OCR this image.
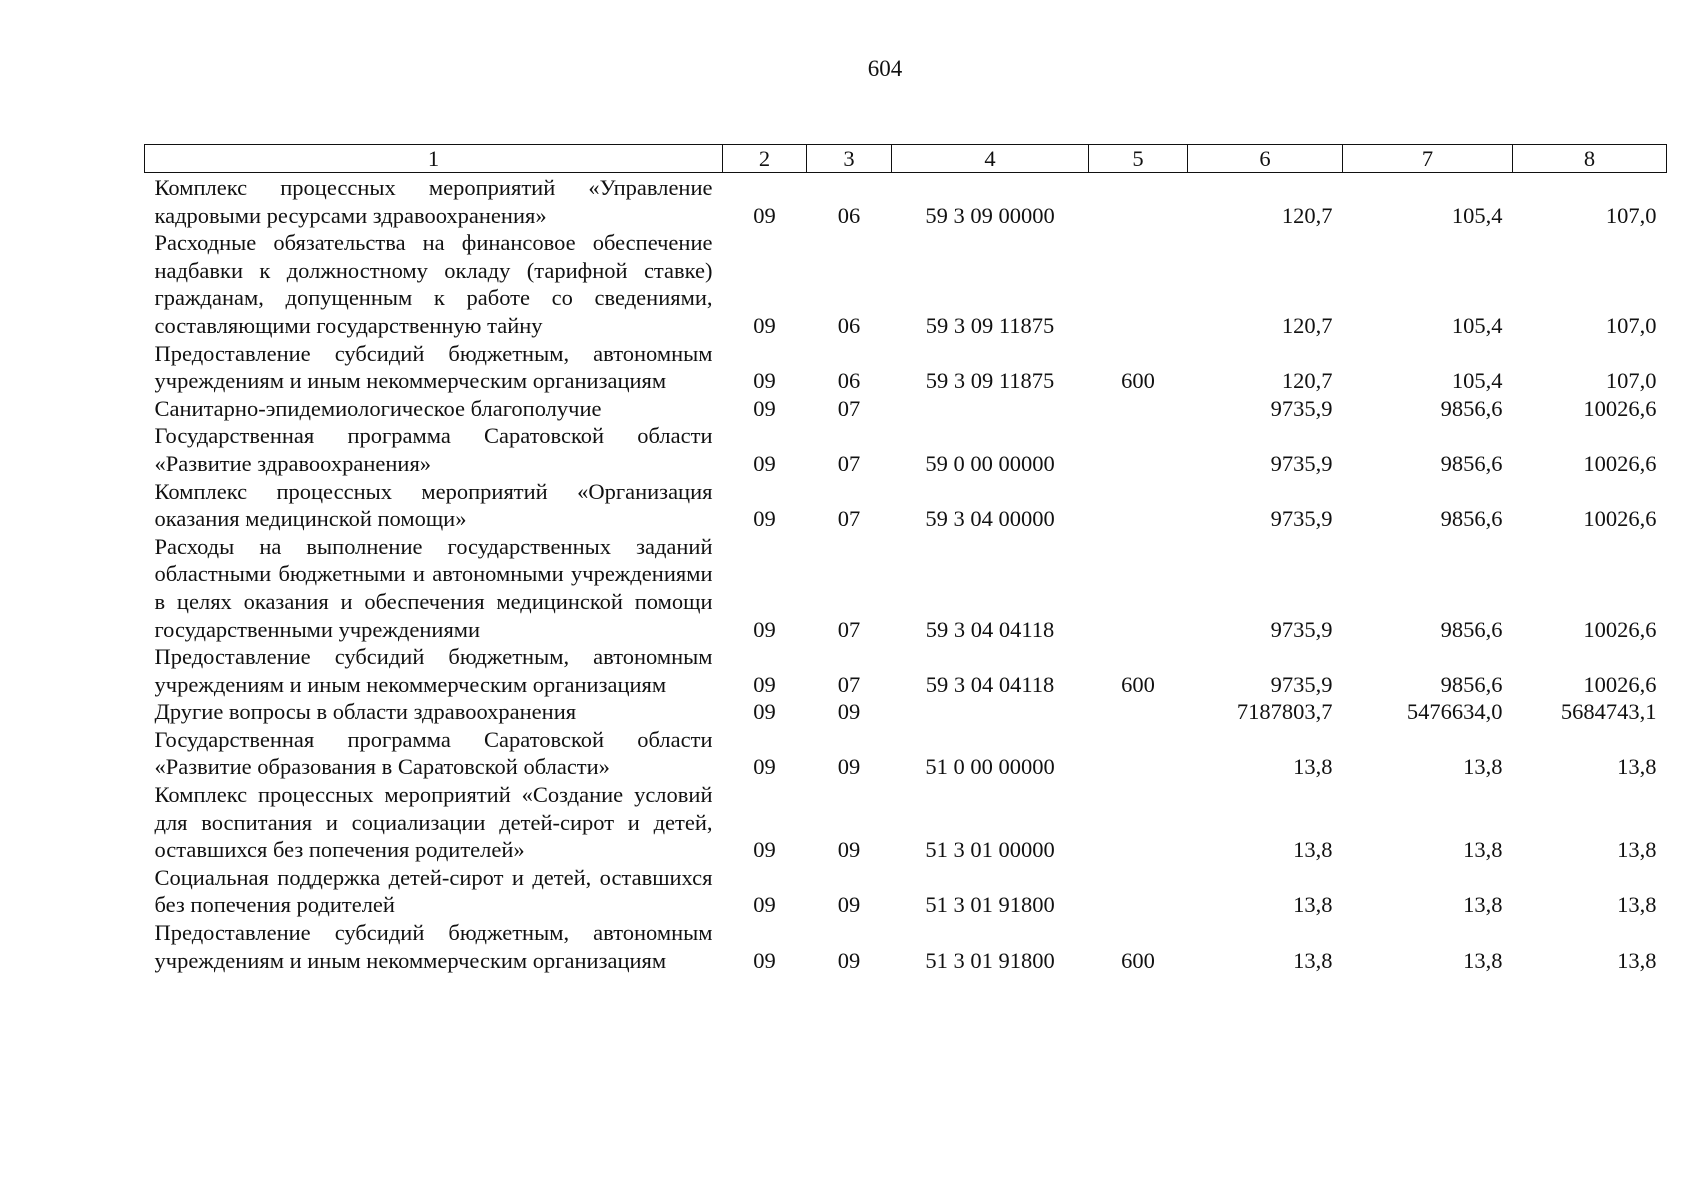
604
1	2	3	4	5	6	7	8
Комплекс процессных мероприятий «Управление кадровыми ресурсами здравоохранения»	09	06	59 3 09 00000		120,7	105,4	107,0
Расходные обязательства на финансовое обеспечение надбавки к должностному окладу (тарифной ставке) гражданам, допущенным к работе со сведениями, составляющими государственную тайну	09	06	59 3 09 11875		120,7	105,4	107,0
Предоставление субсидий бюджетным, автономным учреждениям и иным некоммерческим организациям	09	06	59 3 09 11875	600	120,7	105,4	107,0
Санитарно-эпидемиологическое благополучие	09	07			9735,9	9856,6	10026,6
Государственная программа Саратовской области «Развитие здравоохранения»	09	07	59 0 00 00000		9735,9	9856,6	10026,6
Комплекс процессных мероприятий «Организация оказания медицинской помощи»	09	07	59 3 04 00000		9735,9	9856,6	10026,6
Расходы на выполнение государственных заданий областными бюджетными и автономными учреждениями в целях оказания и обеспечения медицинской помощи государственными учреждениями	09	07	59 3 04 04118		9735,9	9856,6	10026,6
Предоставление субсидий бюджетным, автономным учреждениям и иным некоммерческим организациям	09	07	59 3 04 04118	600	9735,9	9856,6	10026,6
Другие вопросы в области здравоохранения	09	09			7187803,7	5476634,0	5684743,1
Государственная программа Саратовской области «Развитие образования в Саратовской области»	09	09	51 0 00 00000		13,8	13,8	13,8
Комплекс процессных мероприятий «Создание условий для воспитания и социализации детей-сирот и детей, оставшихся без попечения родителей»	09	09	51 3 01 00000		13,8	13,8	13,8
Социальная поддержка детей-сирот и детей, оставшихся без попечения родителей	09	09	51 3 01 91800		13,8	13,8	13,8
Предоставление субсидий бюджетным, автономным учреждениям и иным некоммерческим организациям	09	09	51 3 01 91800	600	13,8	13,8	13,8
